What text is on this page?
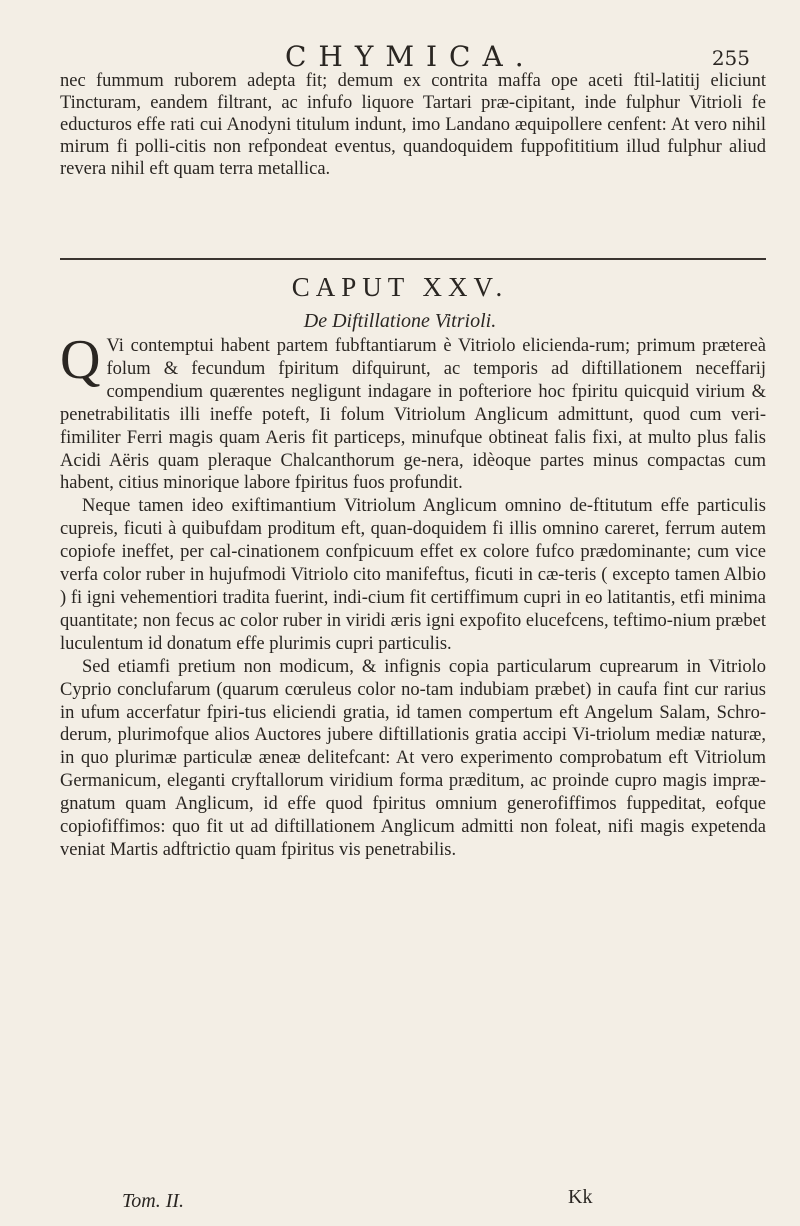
CHYMICA.	255
nec fummum ruborem adepta fit; demum ex contrita maffa ope aceti ftil-latitij eliciunt Tincturam, eandem filtrant, ac infufo liquore Tartari præ-cipitant, inde fulphur Vitrioli fe educturos effe rati cui Anodyni titulum indunt, imo Landano æquipollere cenfent: At vero nihil mirum fi polli-citis non refpondeat eventus, quandoquidem fuppofititium illud fulphur aliud revera nihil eft quam terra metallica.
CAPUT XXV.
De Diftillatione Vitrioli.

Q Vi contemptui habent partem fubftantiarum è Vitriolo elicienda-rum; primum prætereà folum & fecundum fpiritum difquirunt, ac temporis ad diftillationem neceffarij compendium quærentes negligunt indagare in pofteriore hoc fpiritu quicquid virium & penetrabilitatis illi ineffe poteft, Ii folum Vitriolum Anglicum admittunt, quod cum veri-fimiliter Ferri magis quam Aeris fit particeps, minufque obtineat falis fixi, at multo plus falis Acidi Aëris quam pleraque Chalcanthorum ge-nera, idèoque partes minus compactas cum habent, citius minorique labore fpiritus fuos profundit.

Neque tamen ideo exiftimantium Vitriolum Anglicum omnino de-ftitutum effe particulis cupreis, ficuti à quibufdam proditum eft, quan-doquidem fi illis omnino careret, ferrum autem copiofe ineffet, per cal-cinationem confpicuum effet ex colore fufco prædominante; cum vice verfa color ruber in hujufmodi Vitriolo cito manifeftus, ficuti in cæ-teris ( excepto tamen Albio ) fi igni vehementiori tradita fuerint, indi-cium fit certiffimum cupri in eo latitantis, etfi minima quantitate; non fecus ac color ruber in viridi æris igni expofito elucefcens, teftimo-nium præbet luculentum id donatum effe plurimis cupri particulis.

Sed etiamfi pretium non modicum, & infignis copia particularum cuprearum in Vitriolo Cyprio conclufarum (quarum cœruleus color no-tam indubiam præbet) in caufa fint cur rarius in ufum accerfatur fpiri-tus eliciendi gratia, id tamen compertum eft Angelum Salam, Schro-derum, plurimofque alios Auctores jubere diftillationis gratia accipi Vi-triolum mediæ naturæ, in quo plurimæ particulæ æneæ delitefcant: At vero experimento comprobatum eft Vitriolum Germanicum, eleganti cryftallorum viridium forma præditum, ac proinde cupro magis impræ-gnatum quam Anglicum, id effe quod fpiritus omnium generofiffimos fuppeditat, eofque copiofiffimos: quo fit ut ad diftillationem Anglicum admitti non foleat, nifi magis expetenda veniat Martis adftrictio quam fpiritus vis penetrabilis.

Tom. II.	Kk
